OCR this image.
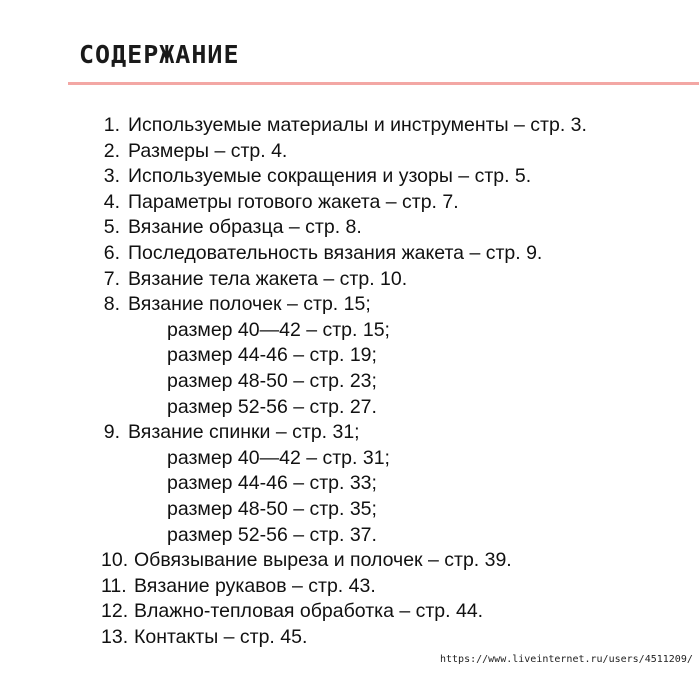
СОДЕРЖАНИЕ
1. Используемые материалы и инструменты – стр. 3.
2. Размеры – стр. 4.
3. Используемые сокращения и узоры – стр. 5.
4. Параметры готового жакета – стр. 7.
5. Вязание образца – стр. 8.
6. Последовательность вязания жакета – стр. 9.
7. Вязание тела жакета – стр. 10.
8. Вязание полочек – стр. 15;
размер 40—42 – стр. 15;
размер 44-46 – стр. 19;
размер 48-50 – стр. 23;
размер 52-56 – стр. 27.
9. Вязание спинки – стр. 31;
размер 40—42 – стр. 31;
размер 44-46 – стр. 33;
размер 48-50 – стр. 35;
размер 52-56 – стр. 37.
10. Обвязывание выреза и полочек – стр. 39.
11. Вязание рукавов – стр. 43.
12. Влажно-тепловая обработка – стр. 44.
13. Контакты – стр. 45.

https://www.liveinternet.ru/users/4511209/
